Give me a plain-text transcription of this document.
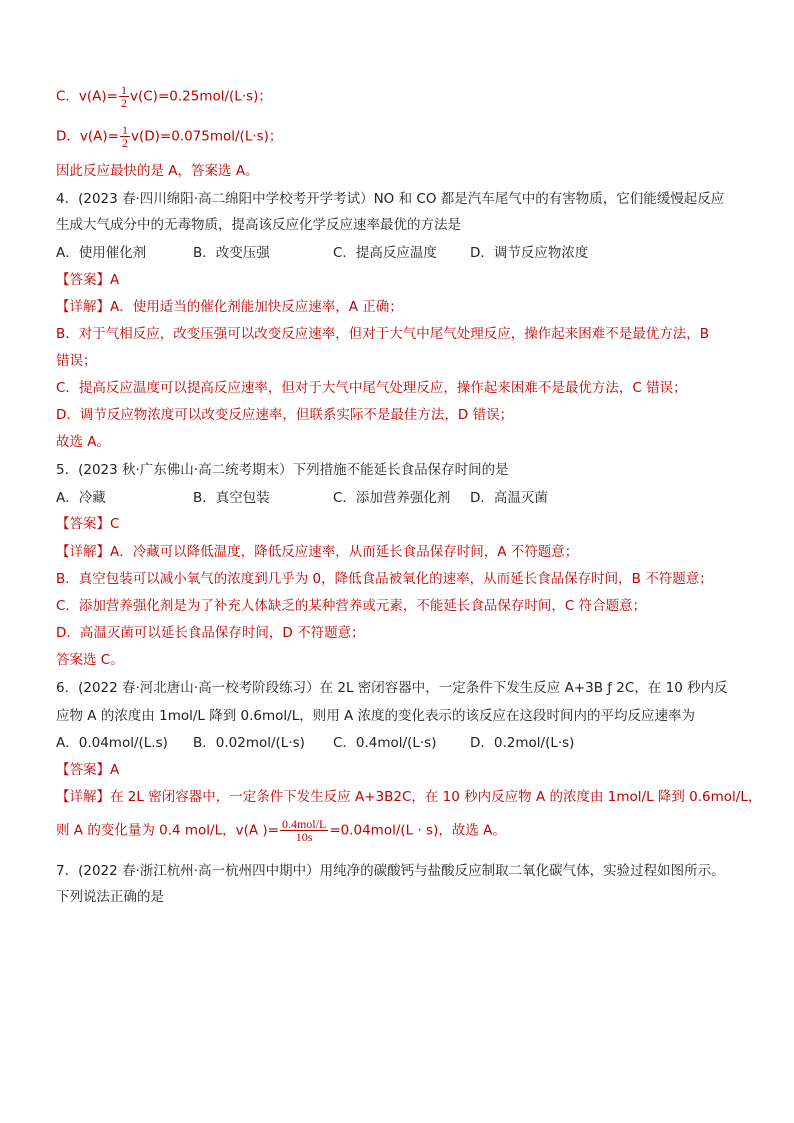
C．$v(A)= \frac{1}{2} v(C)=0.25mol/(L\cdot s)$；
D．$v(A)= \frac{1}{2} v(D)=0.075mol/(L\cdot s)$；
因此反应最快的是 A，答案选 A。
4．(2023 春·四川绵阳·高二绵阳中学校考开学考试）NO 和 CO 都是汽车尾气中的有害物质，它们能缓慢起反应
生成大气成分中的无毒物质，提高该反应化学反应速率最优的方法是
A．使用催化剂	B．改变压强	C．提高反应温度 D．调节反应物浓度
【答案】A
【详解】A．使用适当的催化剂能加快反应速率，A 正确；
B．对于气相反应，改变压强可以改变反应速率，但对于大气中尾气处理反应，操作起来困难不是最优方法，B
错误；
C．提高反应温度可以提高反应速率，但对于大气中尾气处理反应，操作起来困难不是最优方法，C 错误；
D．调节反应物浓度可以改变反应速率，但联系实际不是最佳方法，D 错误；
故选 A。
5．(2023 秋·广东佛山·高二统考期末）下列措施不能延长食品保存时间的是
A．冷藏	B．真空包装	C．添加营养强化剂 D．高温灭菌
【答案】C
【详解】A．冷藏可以降低温度，降低反应速率，从而延长食品保存时间，A 不符题意；
B．真空包装可以减小氧气的浓度到几乎为 0，降低食品被氧化的速率，从而延长食品保存时间，B 不符题意；
C．添加营养强化剂是为了补充人体缺乏的某种营养或元素，不能延长食品保存时间，C 符合题意；
D．高温灭菌可以延长食品保存时间，D 不符题意；
答案选 C。
6．(2022 春·河北唐山·高一校考阶段练习）在 2L 密闭容器中，一定条件下发生反应 A+3B ƒ 2C，在 10 秒内反
应物 A 的浓度由 1mol/L 降到 0.6mol/L，则用 A 浓度的变化表示的该反应在这段时间内的平均反应速率为
A．0.04mol/(L.s) B．0.02mol/(L·s) C．0.4mol/(L·s) D．0.2mol/(L·s)
【答案】A
【详解】在 2L 密闭容器中，一定条件下发生反应 A+3B2C，在 10 秒内反应物 A 的浓度由 1mol/L 降到 0.6mol/L，
则 A 的变化量为 0.4 mol/L，v(A )= $\frac{\text{0.4mol/L}}{10s} =0.04mol/(L \cdot s)$，故选 A。
7．(2022 春·浙江杭州·高一杭州四中期中）用纯净的碳酸钙与盐酸反应制取二氧化碳气体，实验过程如图所示。
下列说法正确的是
